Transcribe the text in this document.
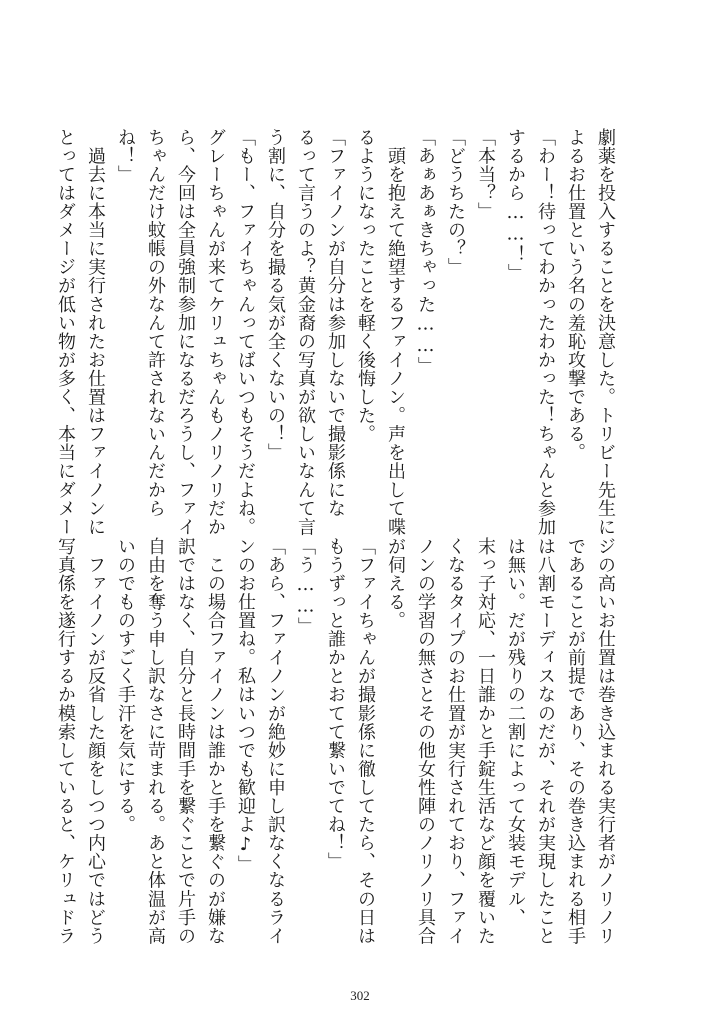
劇薬を投入することを決意した。トリビー先生に
よるお仕置という名の羞恥攻撃である。
「わー！待ってわかったわかった！ちゃんと参加
するから……！」
「本当？」
「どうちたの？」
「あぁあぁきちゃった……」
　頭を抱えて絶望するファイノン。声を出して喋
るようになったことを軽く後悔した。
「ファイノンが自分は参加しないで撮影係にな
るって言うのよ？黄金裔の写真が欲しいなんて言
う割に、自分を撮る気が全くないの！」
「もー、ファイちゃんってばいつもそうだよね。
グレーちゃんが来てケリュちゃんもノリノリだか
ら、今回は全員強制参加になるだろうし、ファイ
ちゃんだけ蚊帳の外なんて許されないんだから
ね！」
　過去に本当に実行されたお仕置はファイノンに
とってはダメージが低い物が多く、本当にダメー
ジの高いお仕置は巻き込まれる実行者がノリノリ
であることが前提であり、その巻き込まれる相手
は八割モーディスなのだが、それが実現したこと
は無い。だが残りの二割によって女装モデル、
末っ子対応、一日誰かと手錠生活など顔を覆いた
くなるタイプのお仕置が実行されており、ファイ
ノンの学習の無さとその他女性陣のノリノリ具合
が伺える。
「ファイちゃんが撮影係に徹してたら、その日は
もうずっと誰かとおてて繋いでてね！」
「う……」
「あら、ファイノンが絶妙に申し訳なくなるライ
ンのお仕置ね。私はいつでも歓迎よ♪」
　この場合ファイノンは誰かと手を繋ぐのが嫌な
訳ではなく、自分と長時間手を繋ぐことで片手の
自由を奪う申し訳なさに苛まれる。あと体温が高
いのでものすごく手汗を気にする。
　ファイノンが反省した顔をしつつ内心ではどう
写真係を遂行するか模索していると、ケリュドラ
302
